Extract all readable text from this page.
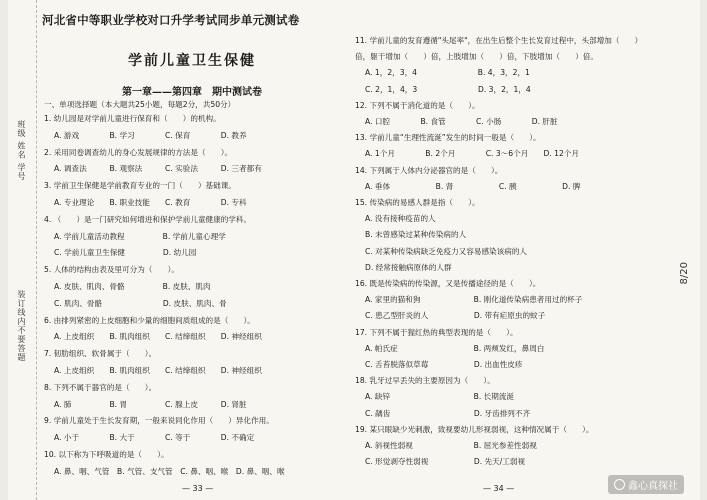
班级 姓名 学号
装订线内不要答题
河北省中等职业学校对口升学考试同步单元测试卷
学前儿童卫生保健
第一章——第四章　期中测试卷
一、单项选择题（本大题共25小题，每题2分，共50分）
1. 幼儿园是对学前儿童进行保育和（　　）的机构。
A. 游戏　　　　B. 学习　　　　C. 保育　　　　D. 教养
2. 采用同卷调查幼儿的身心发展规律的方法是（　　）。
A. 调查法　　　B. 观察法　　　C. 实验法　　　D. 三者都有
3. 学前卫生保健是学前教育专业的一门（　　）基础课。
A. 专业理论　　B. 职业技能　　C. 教育　　　　D. 专科
4. （　　）是一门研究如何增进和保护学前儿童健康的学科。
A. 学前儿童活动教程　　　　　B. 学前儿童心理学
C. 学前儿童卫生保健　　　　　D. 幼儿园
5. 人体的结构由表及里可分为（　　）。
A. 皮肤、肌肉、骨骼　　　　　B. 皮肤、肌肉
C. 肌肉、骨骼　　　　　　　　D. 皮肤、肌肉、骨
6. 由排列紧密的上皮细胞和少量的细胞间质组成的是（　　）。
A. 上皮组织　　B. 肌肉组织　　C. 结缔组织　　D. 神经组织
7. 韧肋组织、软骨属于（　　）。
A. 上皮组织　　B. 肌肉组织　　C. 结缔组织　　D. 神经组织
8. 下列不属于器官的是（　　）。
A. 肺　　　　　B. 胃　　　　　C. 腺上皮　　　D. 肾脏
9. 学前儿童处于生长发育期，一般来说同化作用（　　）异化作用。
A. 小于　　　　B. 大于　　　　C. 等于　　　　D. 不确定
10. 以下称为下呼吸道的是（　　）。
A. 鼻、咽、气管　B. 气管、支气管　C. 鼻、咽、喉　D. 鼻、咽、喉
— 33 —
11. 学前儿童的发育遵循"头尾率"，在出生后整个生长发育过程中，头部增加（　　）
倍，躯干增加（　　）倍，上肢增加（　　）倍，下肢增加（　　）倍。
A. 1，2，3，4　　　　　　　　B. 4，3，2，1
C. 2，1，4，3　　　　　　　　D. 3，2，1，4
12. 下列不属于消化道的是（　　）。
A. 口腔　　　　B. 食管　　　　C. 小肠　　　　D. 肝脏
13. 学前儿童“生理性流涎”发生的时间一般是（　　）。
A. 1个月　　　　B. 2个月　　　　C. 3～6个月　　D. 12个月
14. 下列属于人体内分泌器官的是（　　）。
A. 垂体　　　　　　B. 肾　　　　　　C. 胰　　　　　　D. 脾
15. 传染病的易感人群是指（　　）。
A. 没有接种疫苗的人
B. 未曾感染过某种传染病的人
C. 对某种传染病缺乏免疫力又容易感染该病的人
D. 经常接触病原体的人群
16. 既是传染病的传染源，又是传播途径的是（　　）。
A. 家里的猫和狗　　　　　　　B. 刚化道传染病患者用过的杯子
C. 患乙型肝炎的人　　　　　　D. 带有疟原虫的蚊子
17. 下列不属于猩红热的典型表现的是（　　）。
A. 帕氏症　　　　　　　　　　B. 两颊发红，鼻周白
C. 舌苔脱落似草莓　　　　　　D. 出血性皮疹
18. 乳牙过早丢失的主要原因为（　　）。
A. 缺锌　　　　　　　　　　　B. 长期流涎
C. 龋齿　　　　　　　　　　　D. 牙齿排列不齐
19. 某只眼缺少光刺激，致视要幼儿形视弱视，这种情况属于（　　）。
A. 斜视性弱视　　　　　　　　B. 屈光参差性弱视
C. 形觉剥夺性弱视　　　　　　D. 先天/工弱视
— 34 —
8/20
鑫心真探社
